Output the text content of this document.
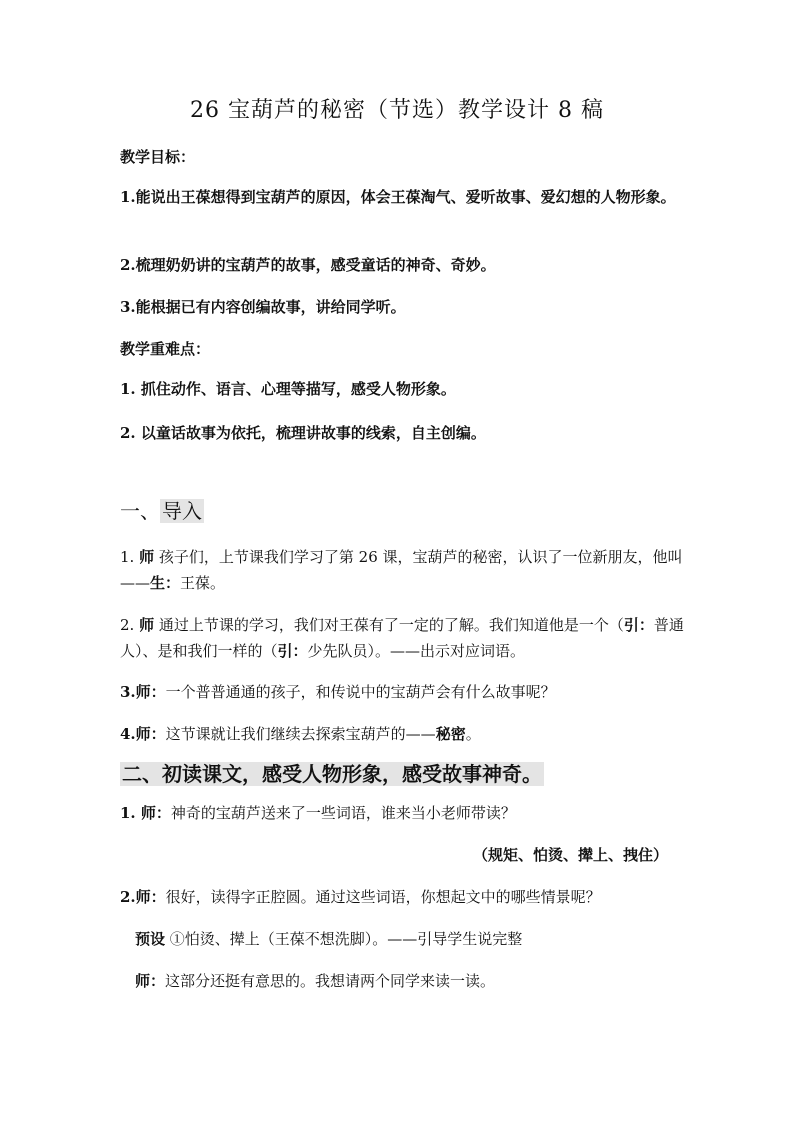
26 宝葫芦的秘密（节选）教学设计 8 稿
教学目标：
1.能说出王葆想得到宝葫芦的原因，体会王葆淘气、爱听故事、爱幻想的人物形象。
2.梳理奶奶讲的宝葫芦的故事，感受童话的神奇、奇妙。
3.能根据已有内容创编故事，讲给同学听。
教学重难点：
1. 抓住动作、语言、心理等描写，感受人物形象。
2. 以童话故事为依托，梳理讲故事的线索，自主创编。
一、 导入
1. 师 孩子们，上节课我们学习了第 26 课，宝葫芦的秘密，认识了一位新朋友，他叫——生：王葆。
2. 师 通过上节课的学习，我们对王葆有了一定的了解。我们知道他是一个（引：普通人）、是和我们一样的（引：少先队员）。——出示对应词语。
3.师：一个普普通通的孩子，和传说中的宝葫芦会有什么故事呢？
4.师：这节课就让我们继续去探索宝葫芦的——秘密。
二、初读课文，感受人物形象，感受故事神奇。
1. 师：神奇的宝葫芦送来了一些词语，谁来当小老师带读？
（规矩、怕烫、撵上、拽住）
2.师：很好，读得字正腔圆。通过这些词语，你想起文中的哪些情景呢？
预设 ①怕烫、撵上（王葆不想洗脚）。——引导学生说完整
师：这部分还挺有意思的。我想请两个同学来读一读。
